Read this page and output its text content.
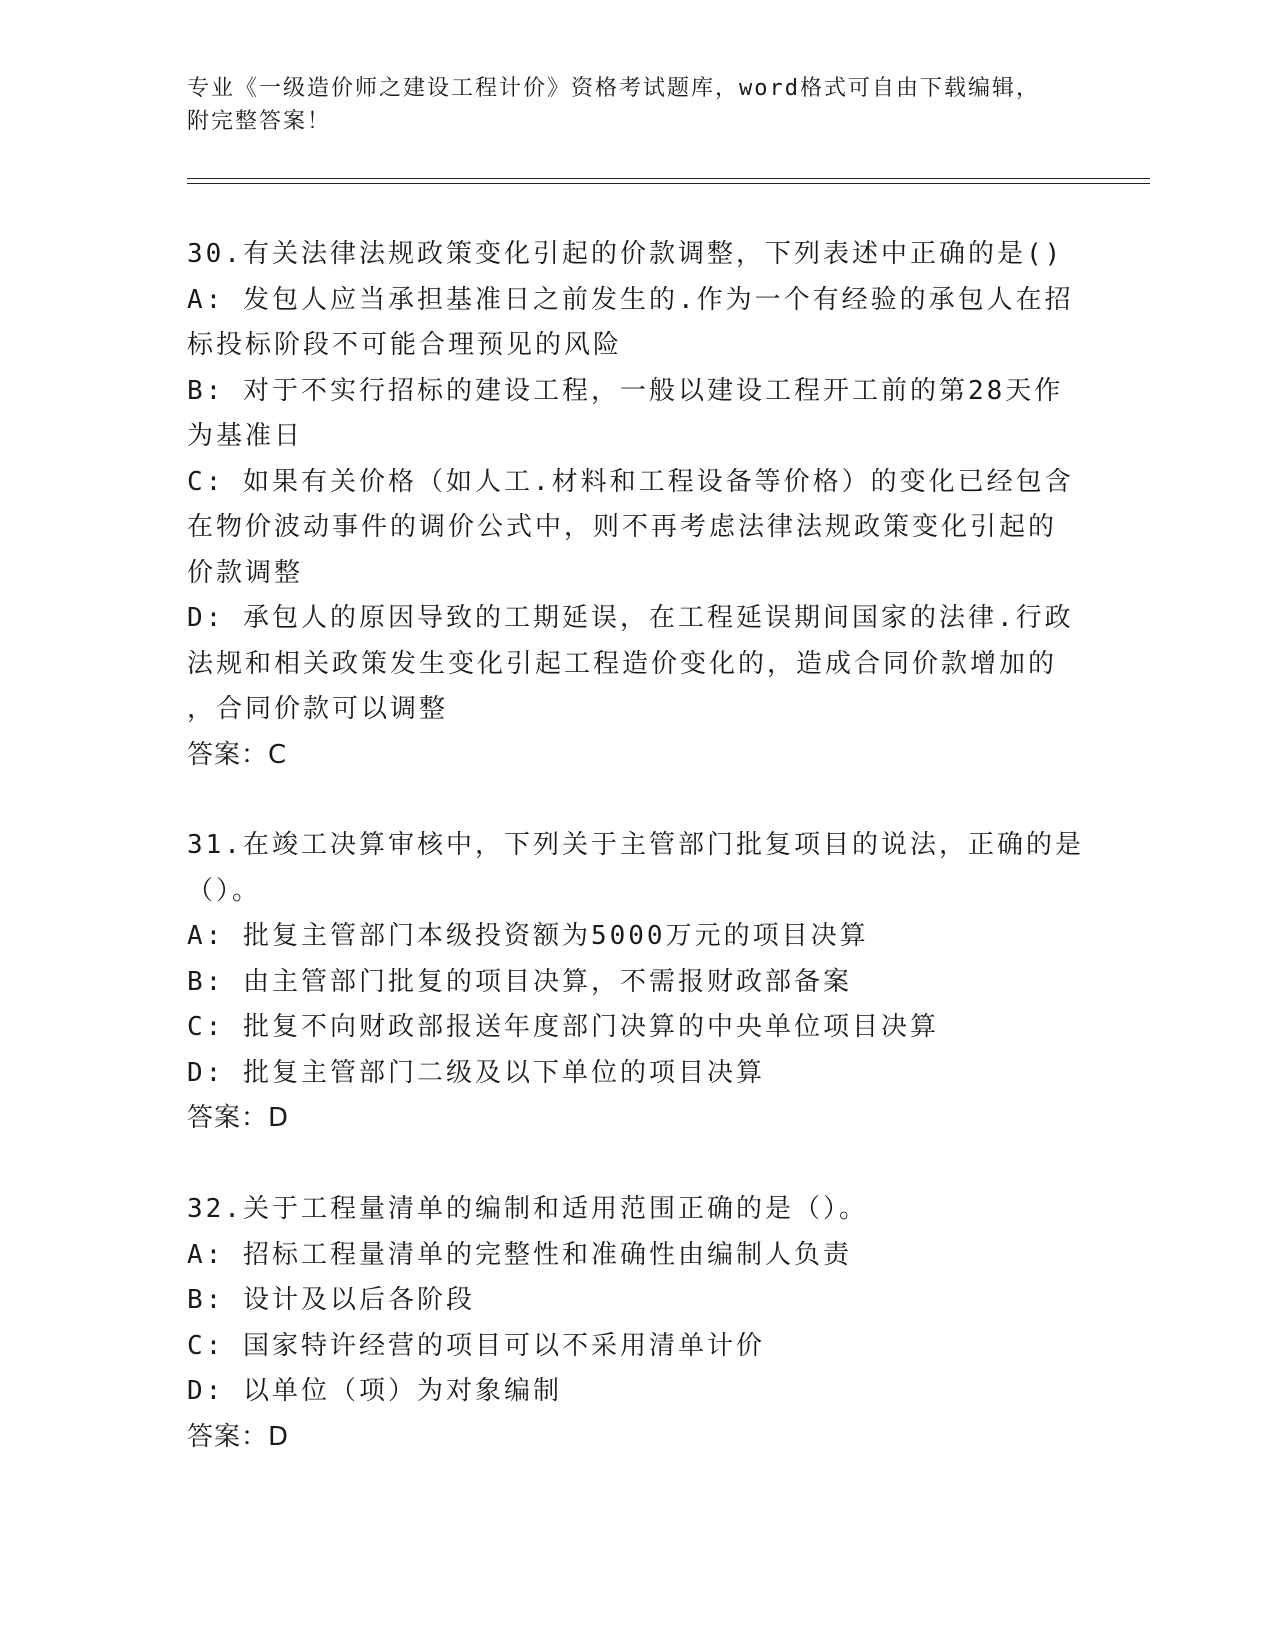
专业《一级造价师之建设工程计价》资格考试题库，word格式可自由下载编辑，
附完整答案！
30.有关法律法规政策变化引起的价款调整，下列表述中正确的是()
A: 发包人应当承担基准日之前发生的.作为一个有经验的承包人在招
标投标阶段不可能合理预见的风险
B: 对于不实行招标的建设工程，一般以建设工程开工前的第28天作
为基准日
C: 如果有关价格（如人工.材料和工程设备等价格）的变化已经包含
在物价波动事件的调价公式中，则不再考虑法律法规政策变化引起的
价款调整
D: 承包人的原因导致的工期延误，在工程延误期间国家的法律.行政
法规和相关政策发生变化引起工程造价变化的，造成合同价款增加的
，合同价款可以调整
答案：C
31.在竣工决算审核中，下列关于主管部门批复项目的说法，正确的是
（）。
A: 批复主管部门本级投资额为5000万元的项目决算
B: 由主管部门批复的项目决算，不需报财政部备案
C: 批复不向财政部报送年度部门决算的中央单位项目决算
D: 批复主管部门二级及以下单位的项目决算
答案：D
32.关于工程量清单的编制和适用范围正确的是（）。
A: 招标工程量清单的完整性和准确性由编制人负责
B: 设计及以后各阶段
C: 国家特许经营的项目可以不采用清单计价
D: 以单位（项）为对象编制
答案：D
